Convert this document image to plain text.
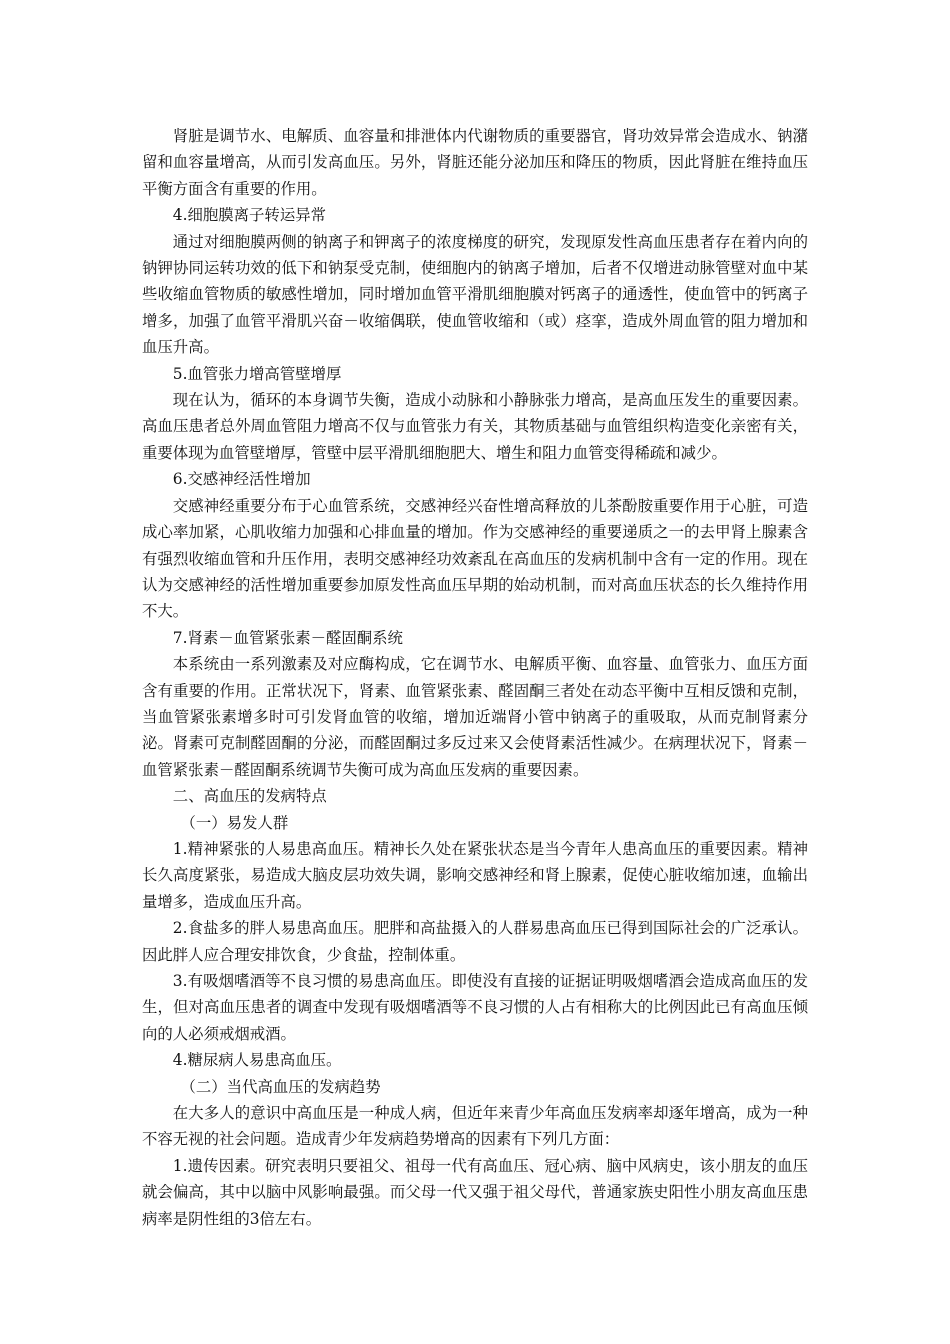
肾脏是调节水、电解质、血容量和排泄体内代谢物质的重要器官，肾功效异常会造成水、钠潴留和血容量增高，从而引发高血压。另外，肾脏还能分泌加压和降压的物质，因此肾脏在维持血压平衡方面含有重要的作用。

4.细胞膜离子转运异常

通过对细胞膜两侧的钠离子和钾离子的浓度梯度的研究，发现原发性高血压患者存在着内向的钠钾协同运转功效的低下和钠泵受克制，使细胞内的钠离子增加，后者不仅增进动脉管壁对血中某些收缩血管物质的敏感性增加，同时增加血管平滑肌细胞膜对钙离子的通透性，使血管中的钙离子增多，加强了血管平滑肌兴奋－收缩偶联，使血管收缩和（或）痉挛，造成外周血管的阻力增加和血压升高。

5.血管张力增高管壁增厚

现在认为，循环的本身调节失衡，造成小动脉和小静脉张力增高，是高血压发生的重要因素。高血压患者总外周血管阻力增高不仅与血管张力有关，其物质基础与血管组织构造变化亲密有关，重要体现为血管壁增厚，管壁中层平滑肌细胞肥大、增生和阻力血管变得稀疏和减少。

6.交感神经活性增加

交感神经重要分布于心血管系统，交感神经兴奋性增高释放的儿茶酚胺重要作用于心脏，可造成心率加紧，心肌收缩力加强和心排血量的增加。作为交感神经的重要递质之一的去甲肾上腺素含有强烈收缩血管和升压作用，表明交感神经功效紊乱在高血压的发病机制中含有一定的作用。现在认为交感神经的活性增加重要参加原发性高血压早期的始动机制，而对高血压状态的长久维持作用不大。

7.肾素－血管紧张素－醛固酮系统

本系统由一系列激素及对应酶构成，它在调节水、电解质平衡、血容量、血管张力、血压方面含有重要的作用。正常状况下，肾素、血管紧张素、醛固酮三者处在动态平衡中互相反馈和克制，当血管紧张素增多时可引发肾血管的收缩，增加近端肾小管中钠离子的重吸取，从而克制肾素分泌。肾素可克制醛固酮的分泌，而醛固酮过多反过来又会使肾素活性减少。在病理状况下，肾素－血管紧张素－醛固酮系统调节失衡可成为高血压发病的重要因素。

二、高血压的发病特点

（一）易发人群

1.精神紧张的人易患高血压。精神长久处在紧张状态是当今青年人患高血压的重要因素。精神长久高度紧张，易造成大脑皮层功效失调，影响交感神经和肾上腺素，促使心脏收缩加速，血输出量增多，造成血压升高。

2.食盐多的胖人易患高血压。肥胖和高盐摄入的人群易患高血压已得到国际社会的广泛承认。因此胖人应合理安排饮食，少食盐，控制体重。

3.有吸烟嗜酒等不良习惯的易患高血压。即使没有直接的证据证明吸烟嗜酒会造成高血压的发生，但对高血压患者的调查中发现有吸烟嗜酒等不良习惯的人占有相称大的比例因此已有高血压倾向的人必须戒烟戒酒。

4.糖尿病人易患高血压。

（二）当代高血压的发病趋势

在大多人的意识中高血压是一种成人病，但近年来青少年高血压发病率却逐年增高，成为一种不容无视的社会问题。造成青少年发病趋势增高的因素有下列几方面：

1.遗传因素。研究表明只要祖父、祖母一代有高血压、冠心病、脑中风病史，该小朋友的血压就会偏高，其中以脑中风影响最强。而父母一代又强于祖父母代，普通家族史阳性小朋友高血压患病率是阴性组的3倍左右。
